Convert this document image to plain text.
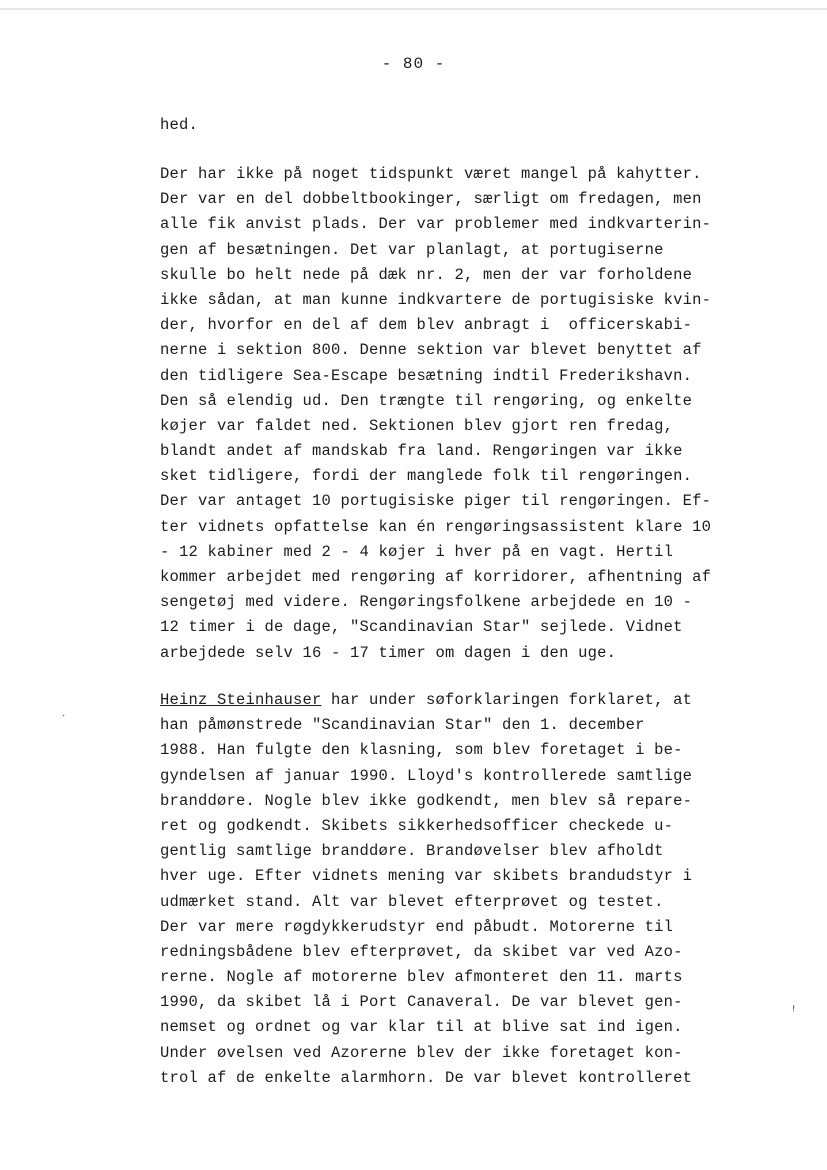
- 80 -
hed.
Der har ikke på noget tidspunkt været mangel på kahytter.
Der var en del dobbeltbookinger, særligt om fredagen, men
alle fik anvist plads. Der var problemer med indkvarterin-
gen af besætningen. Det var planlagt, at portugiserne
skulle bo helt nede på dæk nr. 2, men der var forholdene
ikke sådan, at man kunne indkvartere de portugisiske kvin-
der, hvorfor en del af dem blev anbragt i  officerskabi-
nerne i sektion 800. Denne sektion var blevet benyttet af
den tidligere Sea-Escape besætning indtil Frederikshavn.
Den så elendig ud. Den trængte til rengøring, og enkelte
køjer var faldet ned. Sektionen blev gjort ren fredag,
blandt andet af mandskab fra land. Rengøringen var ikke
sket tidligere, fordi der manglede folk til rengøringen.
Der var antaget 10 portugisiske piger til rengøringen. Ef-
ter vidnets opfattelse kan én rengøringsassistent klare 10
- 12 kabiner med 2 - 4 køjer i hver på en vagt. Hertil
kommer arbejdet med rengøring af korridorer, afhentning af
sengetøj med videre. Rengøringsfolkene arbejdede en 10 -
12 timer i de dage, "Scandinavian Star" sejlede. Vidnet
arbejdede selv 16 - 17 timer om dagen i den uge.
Heinz Steinhauser har under søforklaringen forklaret, at
han påmønstrede "Scandinavian Star" den 1. december
1988. Han fulgte den klasning, som blev foretaget i be-
gyndelsen af januar 1990. Lloyd's kontrollerede samtlige
branddøre. Nogle blev ikke godkendt, men blev så repare-
ret og godkendt. Skibets sikkerhedsofficer checkede u-
gentlig samtlige branddøre. Brandøvelser blev afholdt
hver uge. Efter vidnets mening var skibets brandudstyr i
udmærket stand. Alt var blevet efterprøvet og testet.
Der var mere røgdykkerudstyr end påbudt. Motorerne til
redningsbådene blev efterprøvet, da skibet var ved Azo-
rerne. Nogle af motorerne blev afmonteret den 11. marts
1990, da skibet lå i Port Canaveral. De var blevet gen-
nemset og ordnet og var klar til at blive sat ind igen.
Under øvelsen ved Azorerne blev der ikke foretaget kon-
trol af de enkelte alarmhorn. De var blevet kontrolleret
ˏ
ꜝ
